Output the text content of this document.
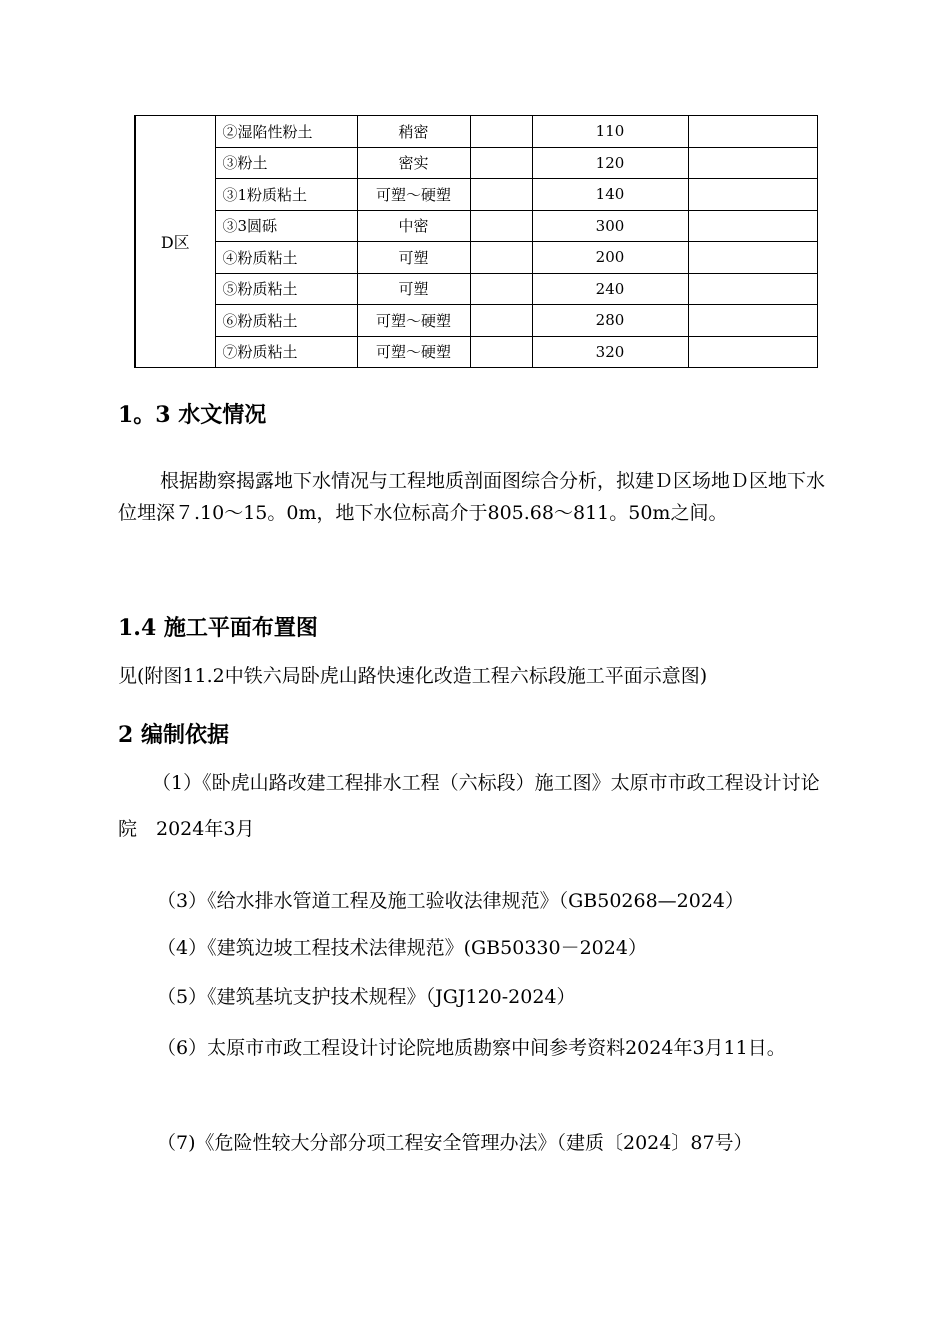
D区	②湿陷性粉土	稍密		110	
	③粉土	密实		120	
	③1粉质粘土	可塑～硬塑		140	
	③3圆砾	中密		300	
	④粉质粘土	可塑		200	
	⑤粉质粘土	可塑		240	
	⑥粉质粘土	可塑～硬塑		280	
	⑦粉质粘土	可塑～硬塑		320	
1。3 水文情况

根据勘察揭露地下水情况与工程地质剖面图综合分析，拟建Ｄ区场地Ｄ区地下水位埋深７.10～15。0m，地下水位标高介于805.68～811。50m之间。

1.4 施工平面布置图

见(附图11.2中铁六局卧虎山路快速化改造工程六标段施工平面示意图)

2 编制依据

（1）《卧虎山路改建工程排水工程（六标段）施工图》太原市市政工程设计讨论院　2024年3月

（3）《给水排水管道工程及施工验收法律规范》（GB50268—2024）

（4）《建筑边坡工程技术法律规范》(GB50330－2024）

（5）《建筑基坑支护技术规程》（JGJ120-2024）

（6）太原市市政工程设计讨论院地质勘察中间参考资料2024年3月11日。

（7)《危险性较大分部分项工程安全管理办法》（建质〔2024〕87号）
